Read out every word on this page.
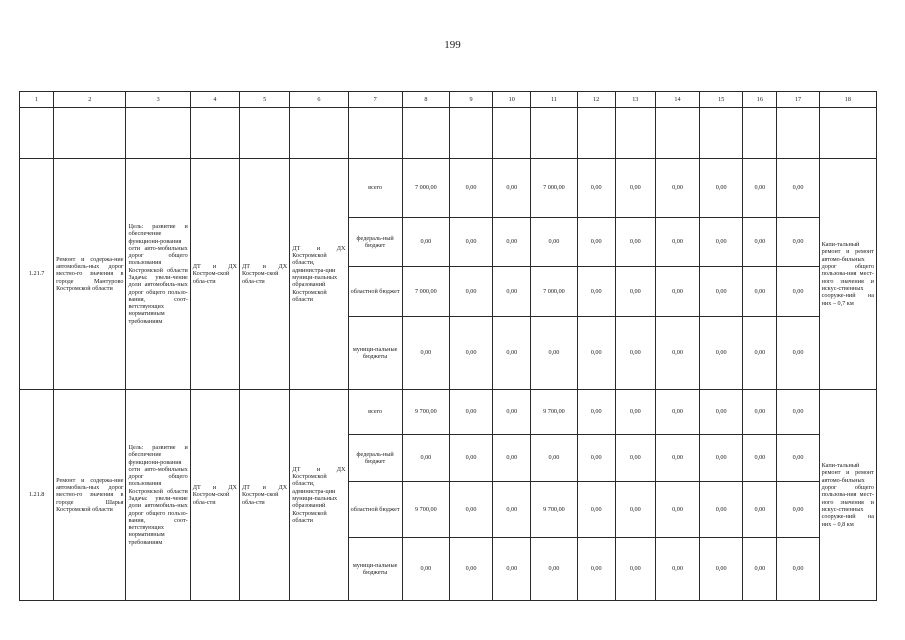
199
1	2	3	4	5	6	7	8	9	10	11	12	13	14	15	16	17	18

1.21.7	Ремонт и содержа-ние автомобиль-ных дорог местно-го значения в городе Мантурово Костромской области	Цель: развитие и обеспечение функциони-рования сети авто-мобильных дорог общего пользования Костромской области Задача: увели-чение доли автомобиль-ных дорог общего пользо-вания, соот-ветствующих нормативным требованиям	ДТ и ДХ Костром-ской обла-сти	ДТ и ДХ Костром-ской обла-сти	ДТ и ДХ Костромской области, администра-ции муници-пальных образований Костромской области	всего	7 000,00	0,00	0,00	7 000,00	0,00	0,00	0,00	0,00	0,00	0,00	Капи-тальный ремонт и ремонт автомо-бильных дорог общего пользова-ния мест-ного значения и искус-ственных сооруже-ний на них – 0,7 км
						федераль-ный бюджет	0,00	0,00	0,00	0,00	0,00	0,00	0,00	0,00	0,00	0,00	
						областной бюджет	7 000,00	0,00	0,00	7 000,00	0,00	0,00	0,00	0,00	0,00	0,00	
						муници-пальные бюджеты	0,00	0,00	0,00	0,00	0,00	0,00	0,00	0,00	0,00	0,00	
1.21.8	Ремонт и содержа-ние автомобиль-ных дорог местно-го значения в городе Шарья Костромской области	Цель: развитие и обеспечение функциони-рования сети авто-мобильных дорог общего пользования Костромской области Задача: увели-чение доли автомобиль-ных дорог общего пользо-вания, соот-ветствующих нормативным требованиям	ДТ и ДХ Костром-ской обла-сти	ДТ и ДХ Костром-ской обла-сти	ДТ и ДХ Костромской области, администра-ции муници-пальных образований Костромской области	всего	9 700,00	0,00	0,00	9 700,00	0,00	0,00	0,00	0,00	0,00	0,00	Капи-тальный ремонт и ремонт автомо-бильных дорог общего пользова-ния мест-ного значения и искус-ственных сооруже-ний на них – 0,8 км
						федераль-ный бюджет	0,00	0,00	0,00	0,00	0,00	0,00	0,00	0,00	0,00	0,00	
						областной бюджет	9 700,00	0,00	0,00	9 700,00	0,00	0,00	0,00	0,00	0,00	0,00	
						муници-пальные бюджеты	0,00	0,00	0,00	0,00	0,00	0,00	0,00	0,00	0,00	0,00	
